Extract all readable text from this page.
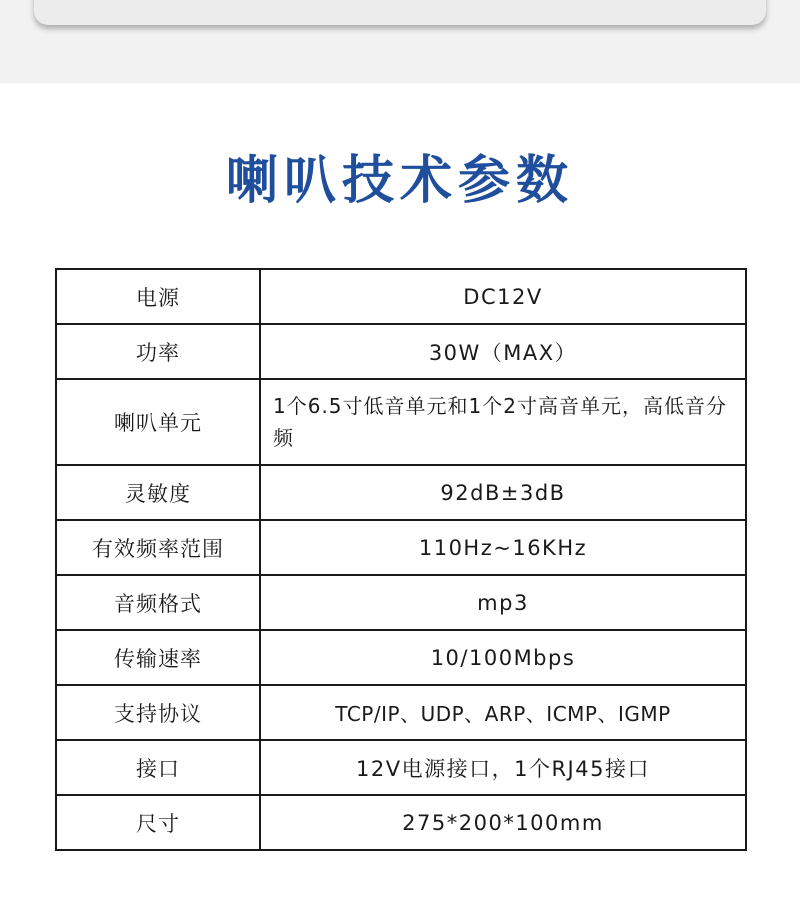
喇叭技术参数
电源	DC12V
功率	30W（MAX）
喇叭单元	1个6.5寸低音单元和1个2寸高音单元，高低音分频
灵敏度	92dB±3dB
有效频率范围	110Hz~16KHz
音频格式	mp3
传输速率	10/100Mbps
支持协议	TCP/IP、UDP、ARP、ICMP、IGMP
接口	12V电源接口，1个RJ45接口
尺寸	275*200*100mm
